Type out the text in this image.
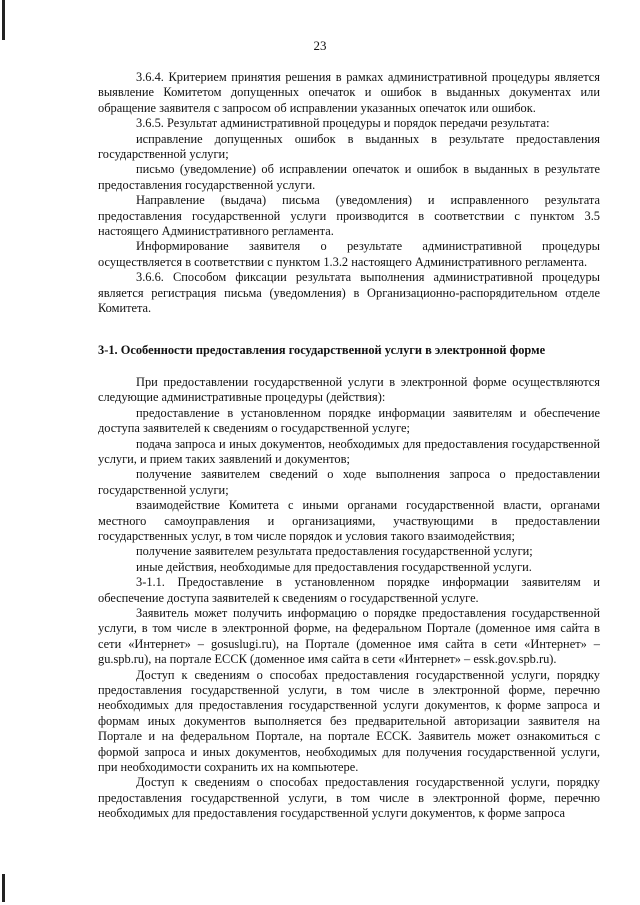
23

3.6.4. Критерием принятия решения в рамках административной процедуры является выявление Комитетом допущенных опечаток и ошибок в выданных документах или обращение заявителя с запросом об исправлении указанных опечаток или ошибок.

3.6.5. Результат административной процедуры и порядок передачи результата:

исправление допущенных ошибок в выданных в результате предоставления государственной услуги;

письмо (уведомление) об исправлении опечаток и ошибок в выданных в результате предоставления государственной услуги.

Направление (выдача) письма (уведомления) и исправленного результата предоставления государственной услуги производится в соответствии с пунктом 3.5 настоящего Административного регламента.

Информирование заявителя о результате административной процедуры осуществляется в соответствии с пунктом 1.3.2 настоящего Административного регламента.

3.6.6. Способом фиксации результата выполнения административной процедуры является регистрация письма (уведомления) в Организационно-распорядительном отделе Комитета.

3-1. Особенности предоставления государственной услуги в электронной форме

При предоставлении государственной услуги в электронной форме осуществляются следующие административные процедуры (действия):

предоставление в установленном порядке информации заявителям и обеспечение доступа заявителей к сведениям о государственной услуге;

подача запроса и иных документов, необходимых для предоставления государственной услуги, и прием таких заявлений и документов;

получение заявителем сведений о ходе выполнения запроса о предоставлении государственной услуги;

взаимодействие Комитета с иными органами государственной власти, органами местного самоуправления и организациями, участвующими в предоставлении государственных услуг, в том числе порядок и условия такого взаимодействия;

получение заявителем результата предоставления государственной услуги;

иные действия, необходимые для предоставления государственной услуги.

3-1.1. Предоставление в установленном порядке информации заявителям и обеспечение доступа заявителей к сведениям о государственной услуге.

Заявитель может получить информацию о порядке предоставления государственной услуги, в том числе в электронной форме, на федеральном Портале (доменное имя сайта в сети «Интернет» – gosuslugi.ru), на Портале (доменное имя сайта в сети «Интернет» – gu.spb.ru), на портале ЕССК (доменное имя сайта в сети «Интернет» – essk.gov.spb.ru).

Доступ к сведениям о способах предоставления государственной услуги, порядку предоставления государственной услуги, в том числе в электронной форме, перечню необходимых для предоставления государственной услуги документов, к форме запроса и формам иных документов выполняется без предварительной авторизации заявителя на Портале и на федеральном Портале, на портале ЕССК. Заявитель может ознакомиться с формой запроса и иных документов, необходимых для получения государственной услуги, при необходимости сохранить их на компьютере.

Доступ к сведениям о способах предоставления государственной услуги, порядку предоставления государственной услуги, в том числе в электронной форме, перечню необходимых для предоставления государственной услуги документов, к форме запроса
